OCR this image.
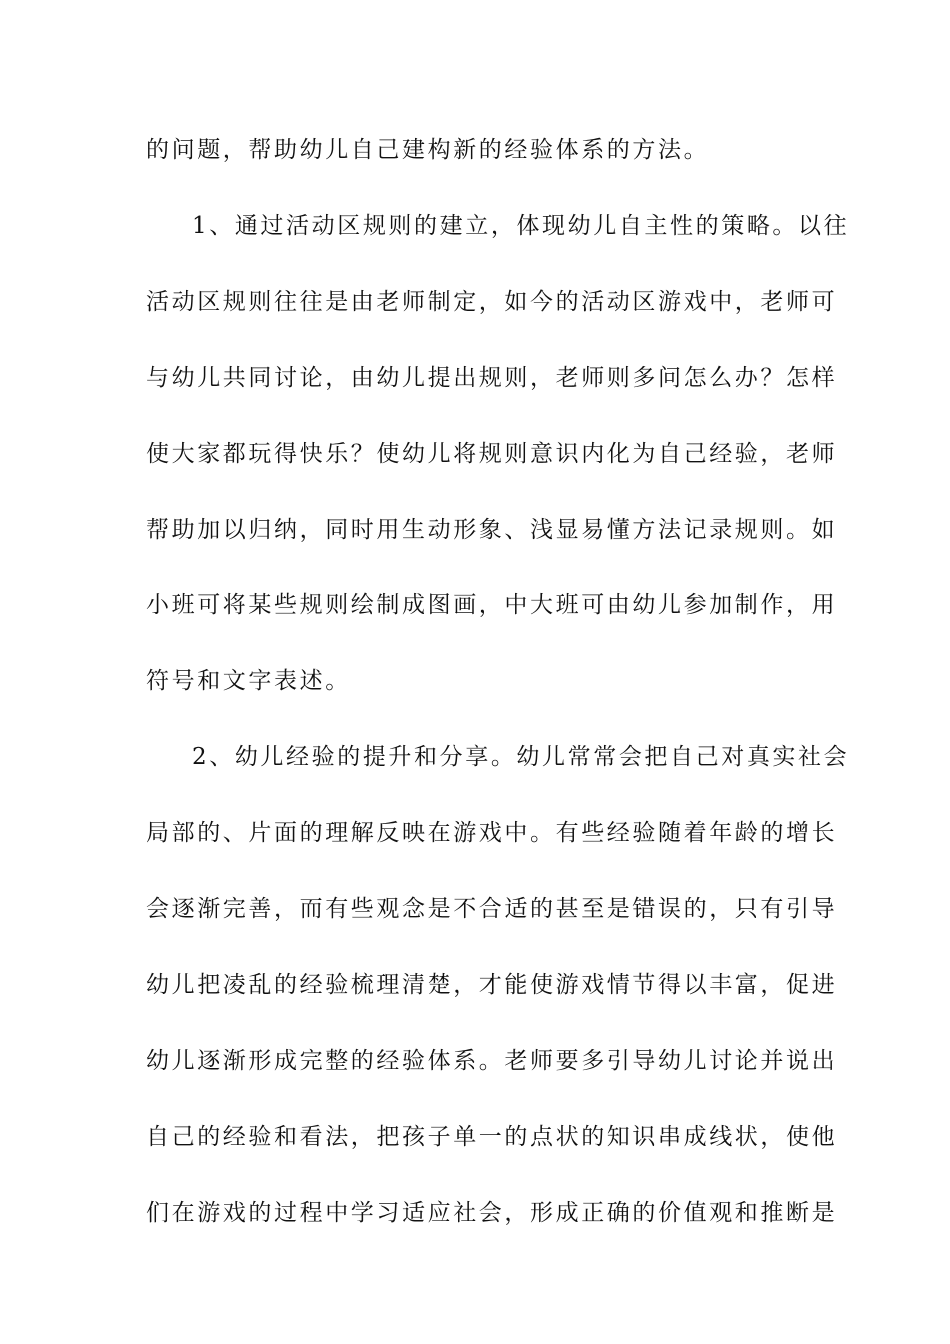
的问题，帮助幼儿自己建构新的经验体系的方法。
1、通过活动区规则的建立，体现幼儿自主性的策略。以往
活动区规则往往是由老师制定，如今的活动区游戏中，老师可
与幼儿共同讨论，由幼儿提出规则，老师则多问怎么办？怎样
使大家都玩得快乐？使幼儿将规则意识内化为自己经验，老师
帮助加以归纳，同时用生动形象、浅显易懂方法记录规则。如
小班可将某些规则绘制成图画，中大班可由幼儿参加制作，用
符号和文字表述。
2、幼儿经验的提升和分享。幼儿常常会把自己对真实社会
局部的、片面的理解反映在游戏中。有些经验随着年龄的增长
会逐渐完善，而有些观念是不合适的甚至是错误的，只有引导
幼儿把凌乱的经验梳理清楚，才能使游戏情节得以丰富，促进
幼儿逐渐形成完整的经验体系。老师要多引导幼儿讨论并说出
自己的经验和看法，把孩子单一的点状的知识串成线状，使他
们在游戏的过程中学习适应社会，形成正确的价值观和推断是
